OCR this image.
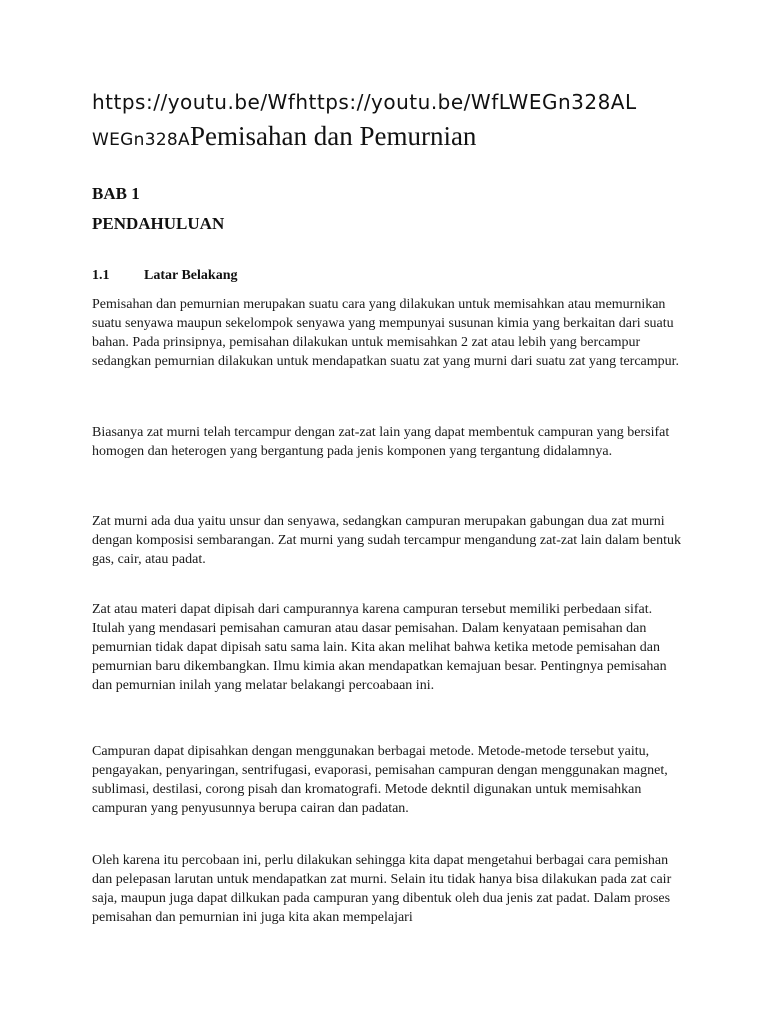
https://youtu.be/Wfhttps://youtu.be/WfLWEGn328AL

WEGn328APemisahan dan Pemurnian

BAB 1
PENDAHULUAN
1.1 Latar Belakang

Pemisahan dan pemurnian merupakan suatu cara yang dilakukan untuk memisahkan atau memurnikan suatu senyawa maupun sekelompok senyawa yang mempunyai susunan kimia yang berkaitan dari suatu bahan. Pada prinsipnya, pemisahan dilakukan untuk memisahkan 2 zat atau lebih yang bercampur sedangkan pemurnian dilakukan untuk mendapatkan suatu zat yang murni dari suatu zat yang tercampur.

Biasanya zat murni telah tercampur dengan zat-zat lain yang dapat membentuk campuran yang bersifat homogen dan heterogen yang bergantung pada jenis komponen yang tergantung didalamnya.

Zat murni ada dua yaitu unsur dan senyawa, sedangkan campuran merupakan gabungan dua zat murni dengan komposisi sembarangan. Zat murni yang sudah tercampur mengandung zat-zat lain dalam bentuk gas, cair, atau padat.

Zat atau materi dapat dipisah dari campurannya karena campuran tersebut memiliki perbedaan sifat. Itulah yang mendasari pemisahan camuran atau dasar pemisahan. Dalam kenyataan pemisahan dan pemurnian tidak dapat dipisah satu sama lain. Kita akan melihat bahwa ketika metode pemisahan dan pemurnian baru dikembangkan. Ilmu kimia akan mendapatkan kemajuan besar. Pentingnya pemisahan dan pemurnian inilah yang melatar belakangi percoabaan ini.

Campuran dapat dipisahkan dengan menggunakan berbagai metode. Metode-metode tersebut yaitu, pengayakan, penyaringan, sentrifugasi, evaporasi, pemisahan campuran dengan menggunakan magnet, sublimasi, destilasi, corong pisah dan kromatografi. Metode dekntil digunakan untuk memisahkan campuran yang penyusunnya berupa cairan dan padatan.

Oleh karena itu percobaan ini, perlu dilakukan sehingga kita dapat mengetahui berbagai cara pemishan dan pelepasan larutan untuk mendapatkan zat murni. Selain itu tidak hanya bisa dilakukan pada zat cair saja, maupun juga dapat dilkukan pada campuran yang dibentuk oleh dua jenis zat padat. Dalam proses pemisahan dan pemurnian ini juga kita akan mempelajari
